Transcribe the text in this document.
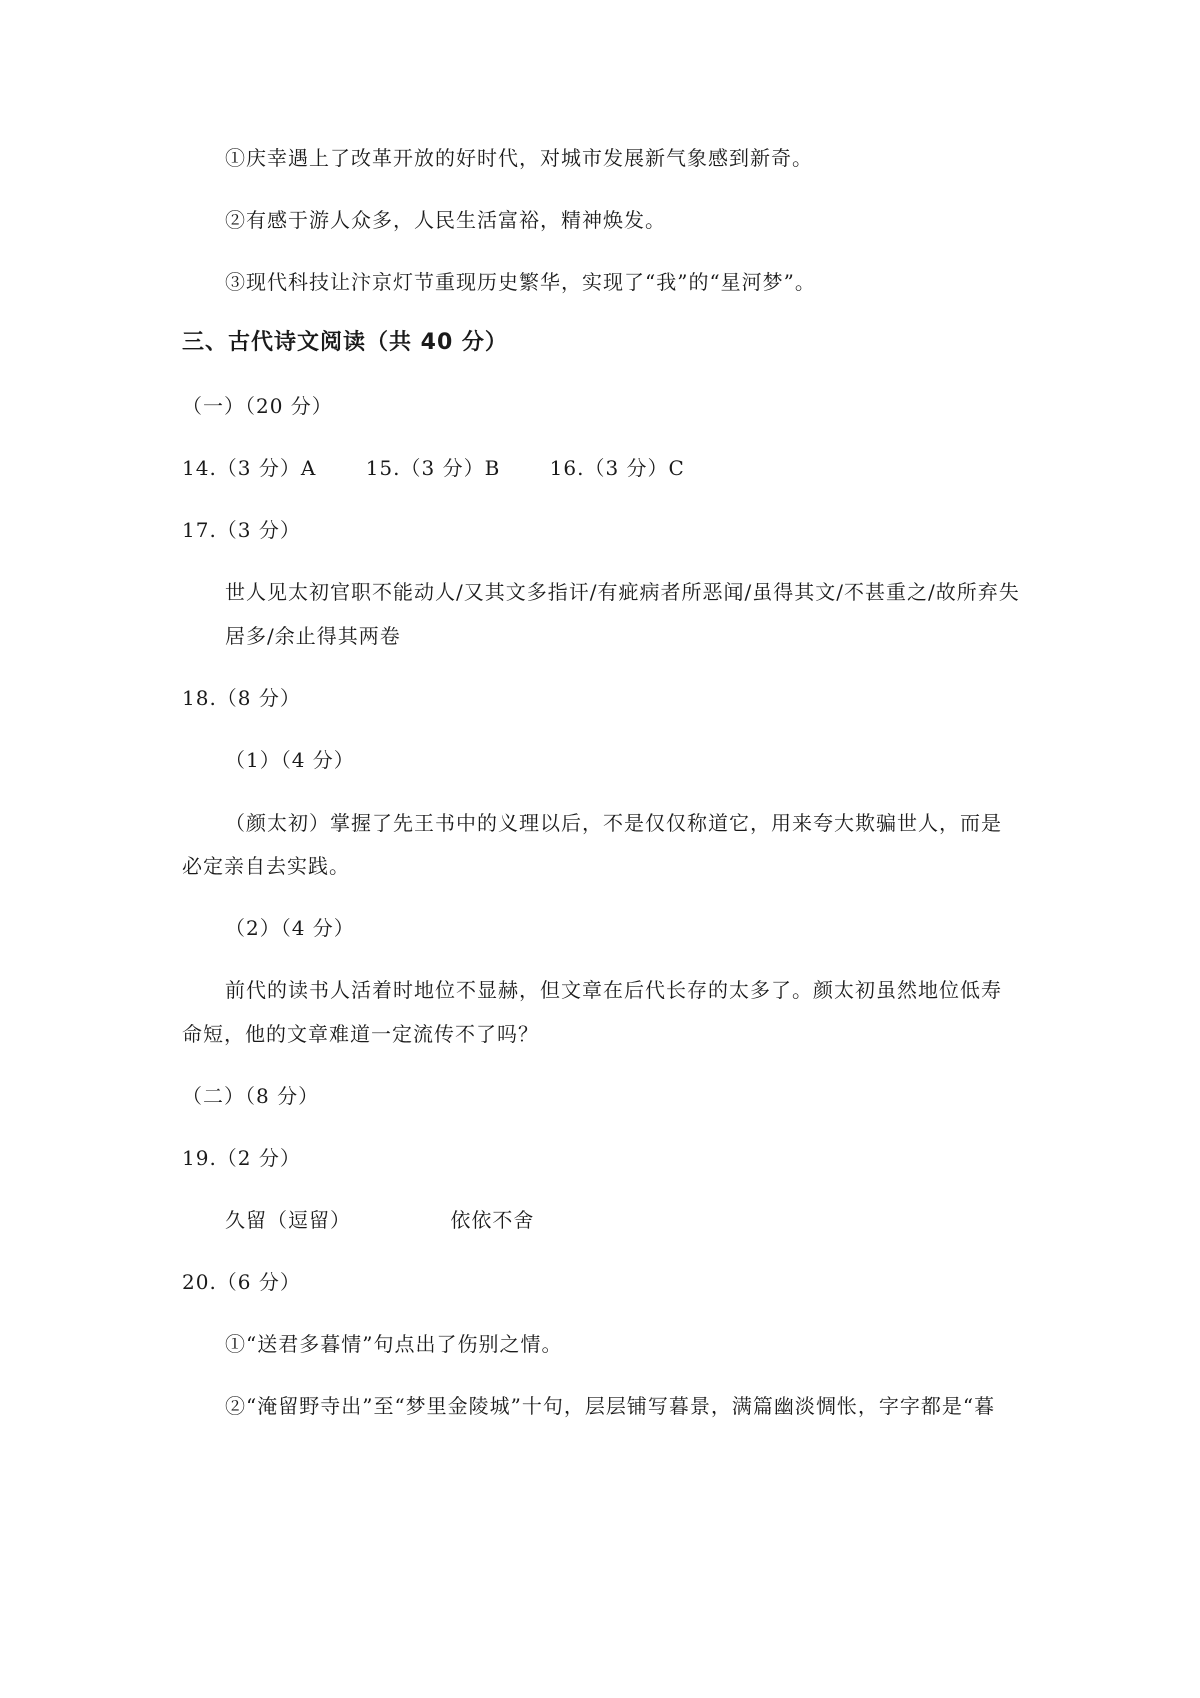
①庆幸遇上了改革开放的好时代，对城市发展新气象感到新奇。
②有感于游人众多，人民生活富裕，精神焕发。
③现代科技让汴京灯节重现历史繁华，实现了“我”的“星河梦”。
三、古代诗文阅读（共 40 分）
（一）（20 分）
14.（3 分）A 15.（3 分）B 16.（3 分）C
17.（3 分）
世人见太初官职不能动人/又其文多指讦/有疵病者所恶闻/虽得其文/不甚重之/故所弃失
居多/余止得其两卷
18.（8 分）
（1）（4 分）
（颜太初）掌握了先王书中的义理以后，不是仅仅称道它，用来夸大欺骗世人，而是
必定亲自去实践。
（2）（4 分）
前代的读书人活着时地位不显赫，但文章在后代长存的太多了。颜太初虽然地位低寿
命短，他的文章难道一定流传不了吗？
（二）（8 分）
19.（2 分）
久留（逗留）	依依不舍
20.（6 分）
①“送君多暮情”句点出了伤别之情。
②“淹留野寺出”至“梦里金陵城”十句，层层铺写暮景，满篇幽淡惆怅，字字都是“暮
